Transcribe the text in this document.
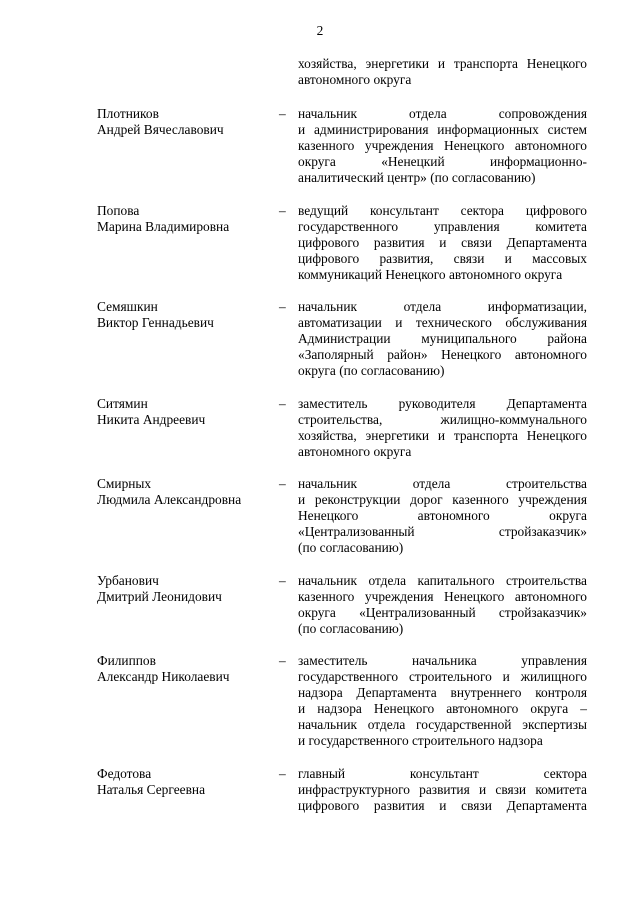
2
хозяйства, энергетики и транспорта Ненецкого
автономного округа
Плотников
Андрей Вячеславович
– начальник отдела сопровождения
и администрирования информационных систем
казенного учреждения Ненецкого автономного
округа «Ненецкий информационно-
аналитический центр» (по согласованию)
Попова
Марина Владимировна
– ведущий консультант сектора цифрового
государственного управления комитета
цифрового развития и связи Департамента
цифрового развития, связи и массовых
коммуникаций Ненецкого автономного округа
Семяшкин
Виктор Геннадьевич
– начальник отдела информатизации,
автоматизации и технического обслуживания
Администрации муниципального района
«Заполярный район» Ненецкого автономного
округа (по согласованию)
Ситямин
Никита Андреевич
– заместитель руководителя Департамента
строительства, жилищно-коммунального
хозяйства, энергетики и транспорта Ненецкого
автономного округа
Смирных
Людмила Александровна
– начальник отдела строительства
и реконструкции дорог казенного учреждения
Ненецкого автономного округа
«Централизованный стройзаказчик»
(по согласованию)
Урбанович
Дмитрий Леонидович
– начальник отдела капитального строительства
казенного учреждения Ненецкого автономного
округа «Централизованный стройзаказчик»
(по согласованию)
Филиппов
Александр Николаевич
– заместитель начальника управления
государственного строительного и жилищного
надзора Департамента внутреннего контроля
и надзора Ненецкого автономного округа –
начальник отдела государственной экспертизы
и государственного строительного надзора
Федотова
Наталья Сергеевна
– главный консультант сектора
инфраструктурного развития и связи комитета
цифрового развития и связи Департамента
